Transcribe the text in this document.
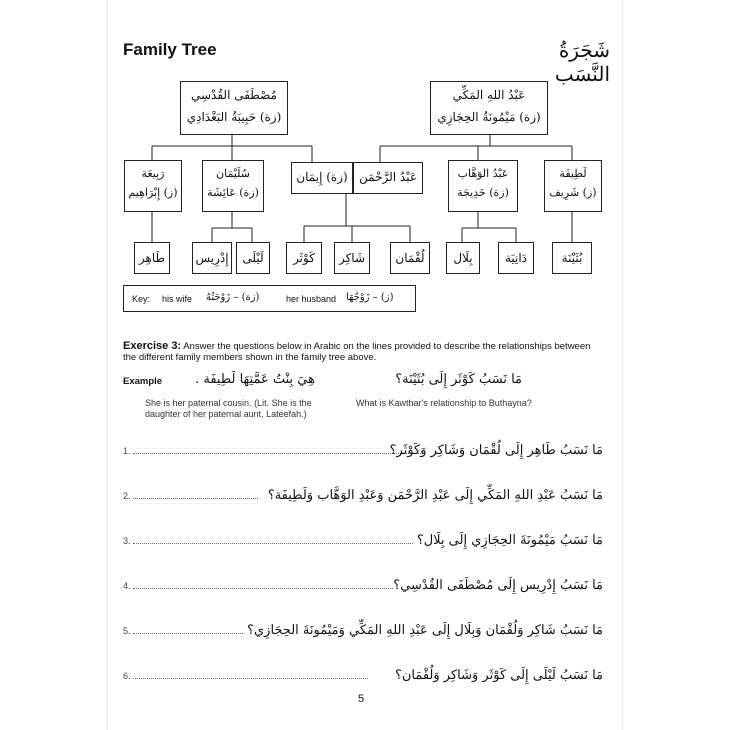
Family Tree	شَجَرَةُ النَّسَب
مُصْطَفَى القُدْسِي
(زة) حَبِيبَةُ البَغْدَادِي
عَبْدُ اللهِ المَكِّي
(زة) مَيْمُونَةُ الحِجَازِي
رَبِيعَة
(ز) إِبْرَاهِيم
سُلَيْمَان
(زة) عَائِشَة
(زة) إِيمَان عَبْدُ الرَّحْمَن	عَبْدُ الوَهَّاب
(زة) خَدِيجَة
لَطِيفَة
(ز) شَرِيف
طَاهِر	إِدْرِيس	لَيْلَى	كَوْثَر	شَاكِر	لُقْمَان	بِلَال	دَانِيَة	بُثَيْنَة
Key: his wife (زة) – زَوْجَتُهُ	her husband (ز) – زَوْجُهَا
Exercise 3: Answer the questions below in Arabic on the lines provided to describe the relationships between the different family members shown in the family tree above.
Example	هِيَ بِنْتُ عَمَّتِهَا لَطِيفَة .	مَا نَسَبُ كَوْثَر إِلَى بُثَيْنَة؟
She is her paternal cousin. (Lit. She is the daughter of her paternal aunt, Lateefah.)
What is Kawthar's relationship to Buthayna?
1.	مَا نَسَبُ طَاهِر إِلَى لُقْمَان وَشَاكِر وَكَوْثَر؟
2.	مَا نَسَبُ عَبْدِ اللهِ المَكِّي إِلَى عَبْدِ الرَّحْمَن وَعَبْدِ الوَهَّاب وَلَطِيفَة؟
3.	مَا نَسَبُ مَيْمُونَةَ الحِجَازِي إِلَى بِلَال؟
4.	مَا نَسَبُ إِدْرِيس إِلَى مُصْطَفَى القُدْسِي؟
5.	مَا نَسَبُ شَاكِر وَلُقْمَان وَبِلَال إِلَى عَبْدِ اللهِ المَكِّي وَمَيْمُونَةَ الحِجَازِي؟
6.	مَا نَسَبُ لَيْلَى إِلَى كَوْثَر وَشَاكِر وَلُقْمَان؟
5
